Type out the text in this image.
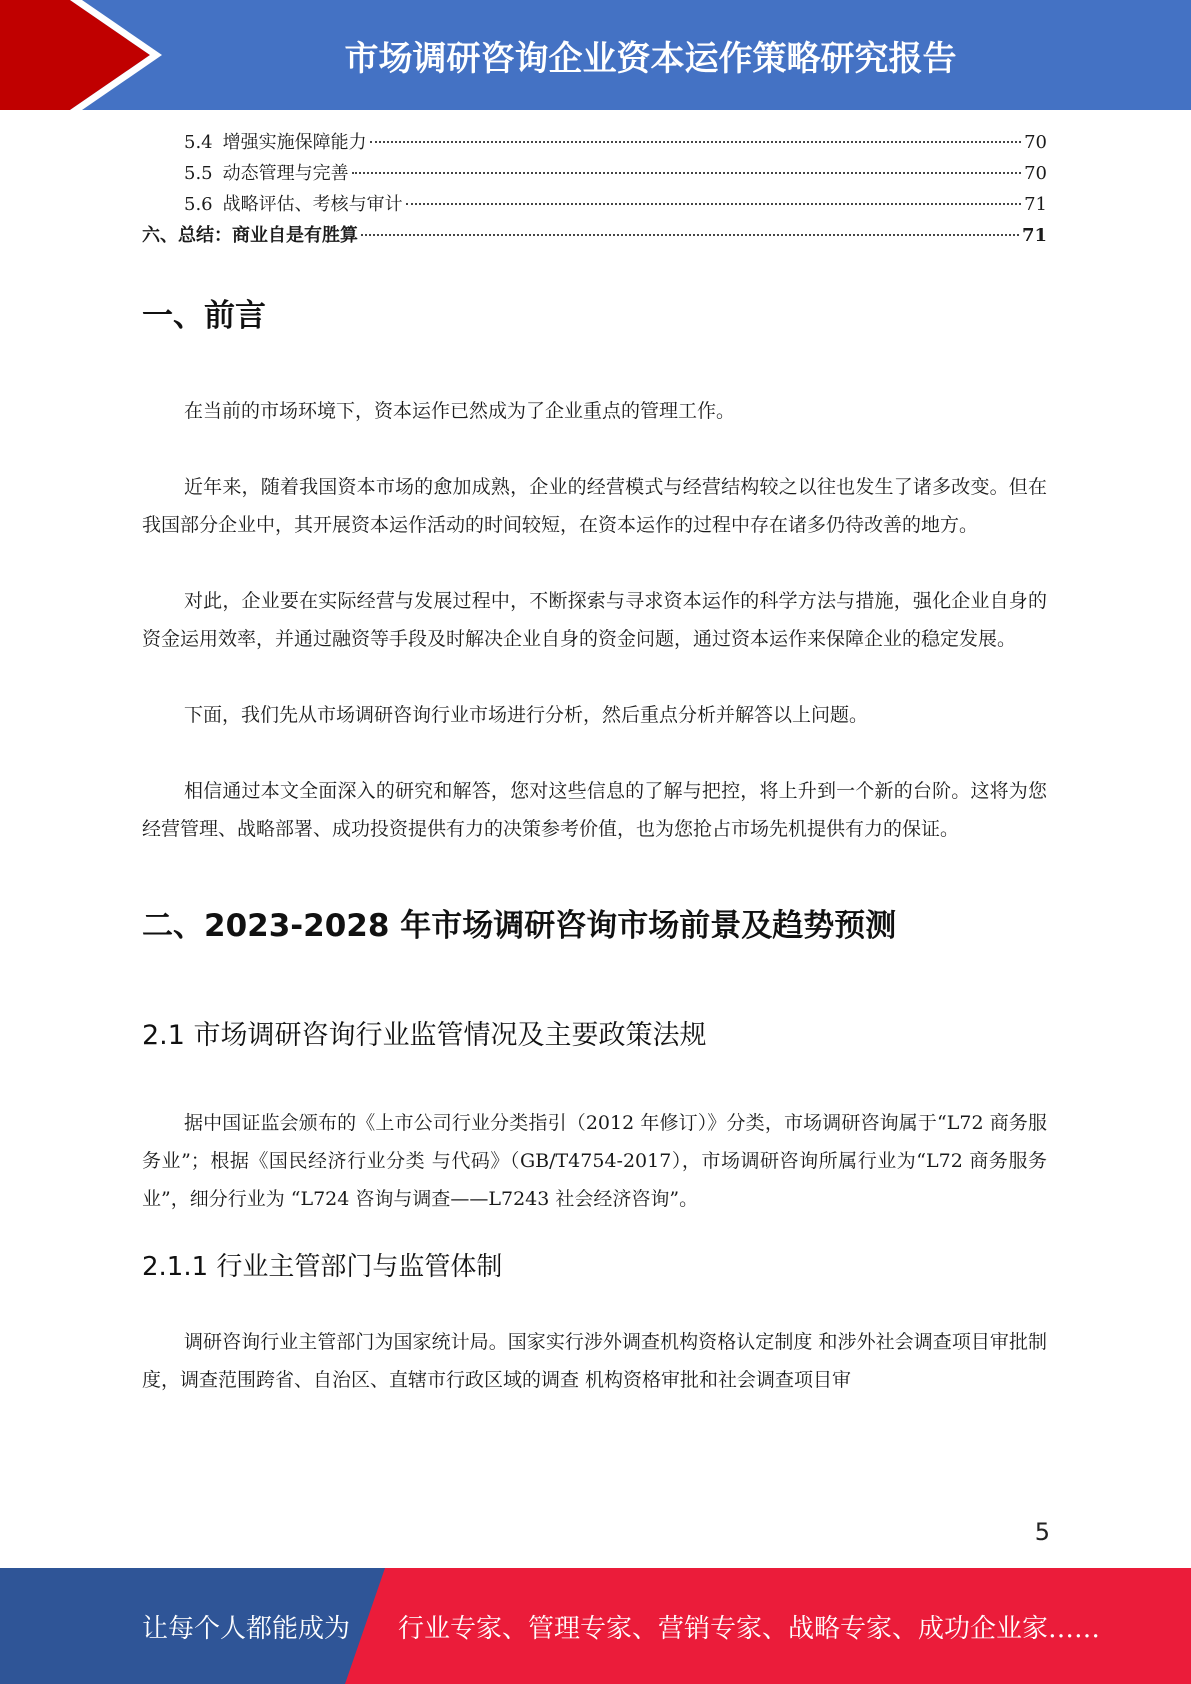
市场调研咨询企业资本运作策略研究报告
5.4 增强实施保障能力	70
5.5 动态管理与完善	70
5.6 战略评估、考核与审计	71
六、总结：商业自是有胜算	71
一、前言

在当前的市场环境下，资本运作已然成为了企业重点的管理工作。

近年来，随着我国资本市场的愈加成熟，企业的经营模式与经营结构较之以往也发生了诸多改变。但在我国部分企业中，其开展资本运作活动的时间较短，在资本运作的过程中存在诸多仍待改善的地方。

对此，企业要在实际经营与发展过程中，不断探索与寻求资本运作的科学方法与措施，强化企业自身的资金运用效率，并通过融资等手段及时解决企业自身的资金问题，通过资本运作来保障企业的稳定发展。

下面，我们先从市场调研咨询行业市场进行分析，然后重点分析并解答以上问题。

相信通过本文全面深入的研究和解答，您对这些信息的了解与把控，将上升到一个新的台阶。这将为您经营管理、战略部署、成功投资提供有力的决策参考价值，也为您抢占市场先机提供有力的保证。

二、2023-2028 年市场调研咨询市场前景及趋势预测
2.1 市场调研咨询行业监管情况及主要政策法规

据中国证监会颁布的《上市公司行业分类指引（2012 年修订）》分类，市场调研咨询属于“L72 商务服务业”；根据《国民经济行业分类 与代码》（GB/T4754-2017），市场调研咨询所属行业为“L72 商务服务业”，细分行业为 “L724 咨询与调查——L7243 社会经济咨询”。

2.1.1 行业主管部门与监管体制

调研咨询行业主管部门为国家统计局。国家实行涉外调查机构资格认定制度 和涉外社会调查项目审批制度，调查范围跨省、自治区、直辖市行政区域的调查 机构资格审批和社会调查项目审

5
让每个人都能成为 行业专家、管理专家、营销专家、战略专家、成功企业家……
